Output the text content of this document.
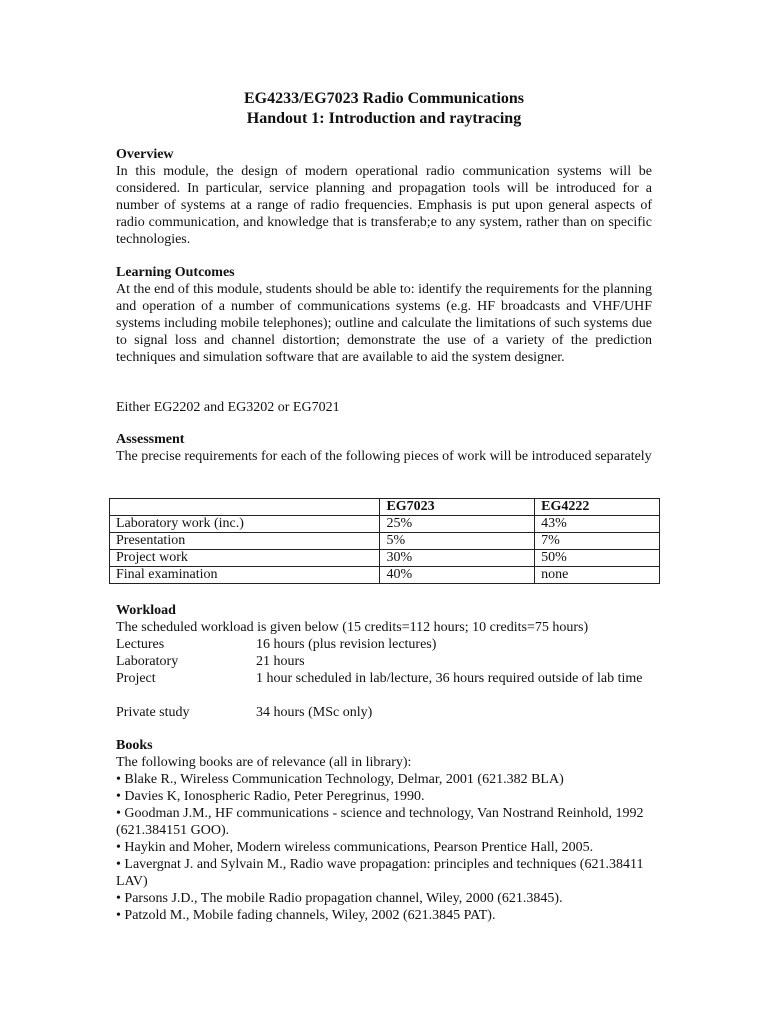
EG4233/EG7023 Radio Communications
Handout 1: Introduction and raytracing
Overview
In this module, the design of modern operational radio communication systems will be considered. In particular, service planning and propagation tools will be introduced for a number of systems at a range of radio frequencies. Emphasis is put upon general aspects of radio communication, and knowledge that is transferab;e to any system, rather than on specific technologies.
Learning Outcomes
At the end of this module, students should be able to: identify the requirements for the planning and operation of a number of communications systems (e.g. HF broadcasts and VHF/UHF systems including mobile telephones); outline and calculate the limitations of such systems due to signal loss and channel distortion; demonstrate the use of a variety of the prediction techniques and simulation software that are available to aid the system designer.
Either EG2202 and EG3202 or EG7021
Assessment
The precise requirements for each of the following pieces of work will be introduced separately
	EG7023	EG4222
Laboratory work (inc.)	25%	43%
Presentation	5%	7%
Project work	30%	50%
Final examination	40%	none
Workload
The scheduled workload is given below (15 credits=112 hours; 10 credits=75 hours)
Lectures	16 hours (plus revision lectures)
Laboratory	21 hours
Project	1 hour scheduled in lab/lecture, 36 hours required outside of lab time
Private study	34 hours (MSc only)
Books
The following books are of relevance (all in library):
• Blake R., Wireless Communication Technology, Delmar, 2001 (621.382 BLA)
• Davies K, Ionospheric Radio, Peter Peregrinus, 1990.
• Goodman J.M., HF communications - science and technology, Van Nostrand Reinhold, 1992 (621.384151 GOO).
• Haykin and Moher, Modern wireless communications, Pearson Prentice Hall, 2005.
• Lavergnat J. and Sylvain M., Radio wave propagation: principles and techniques (621.38411 LAV)
• Parsons J.D., The mobile Radio propagation channel, Wiley, 2000 (621.3845).
• Patzold M., Mobile fading channels, Wiley, 2002 (621.3845 PAT).
